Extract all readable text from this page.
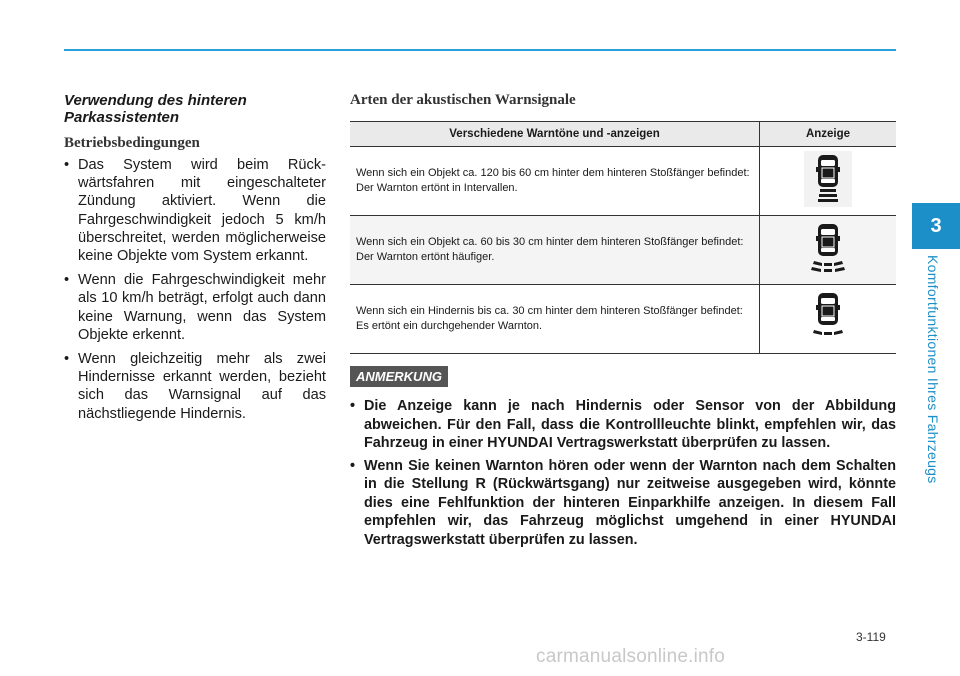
Verwendung des hinteren Parkassistenten
Betriebsbedingungen
• Das System wird beim Rückwärtsfahren mit eingeschalteter Zündung aktiviert. Wenn die Fahrgeschwindigkeit jedoch 5 km/h überschreitet, werden möglicherweise keine Objekte vom System erkannt.
• Wenn die Fahrgeschwindigkeit mehr als 10 km/h beträgt, erfolgt auch dann keine Warnung, wenn das System Objekte erkennt.
• Wenn gleichzeitig mehr als zwei Hindernisse erkannt werden, bezieht sich das Warnsignal auf das nächstliegende Hindernis.
Arten der akustischen Warnsignale
Verschiedene Warntöne und -anzeigen	Anzeige
Wenn sich ein Objekt ca. 120 bis 60 cm hinter dem hinteren Stoßfänger befindet: Der Warnton ertönt in Intervallen.	
Wenn sich ein Objekt ca. 60 bis 30 cm hinter dem hinteren Stoßfänger befindet: Der Warnton ertönt häufiger.	
Wenn sich ein Hindernis bis ca. 30 cm hinter dem hinteren Stoßfänger befindet: Es ertönt ein durchgehender Warnton.	
ANMERKUNG
• Die Anzeige kann je nach Hindernis oder Sensor von der Abbildung abweichen. Für den Fall, dass die Kontrollleuchte blinkt, empfehlen wir, das Fahrzeug in einer HYUNDAI Vertragswerkstatt überprüfen zu lassen.
• Wenn Sie keinen Warnton hören oder wenn der Warnton nach dem Schalten in die Stellung R (Rückwärtsgang) nur zeitweise ausgegeben wird, könnte dies eine Fehlfunktion der hinteren Einparkhilfe anzeigen. In diesem Fall empfehlen wir, das Fahrzeug möglichst umgehend in einer HYUNDAI Vertragswerkstatt überprüfen zu lassen.
3
Komfortfunktionen Ihres Fahrzeugs
3-119
carmanualsonline.info
